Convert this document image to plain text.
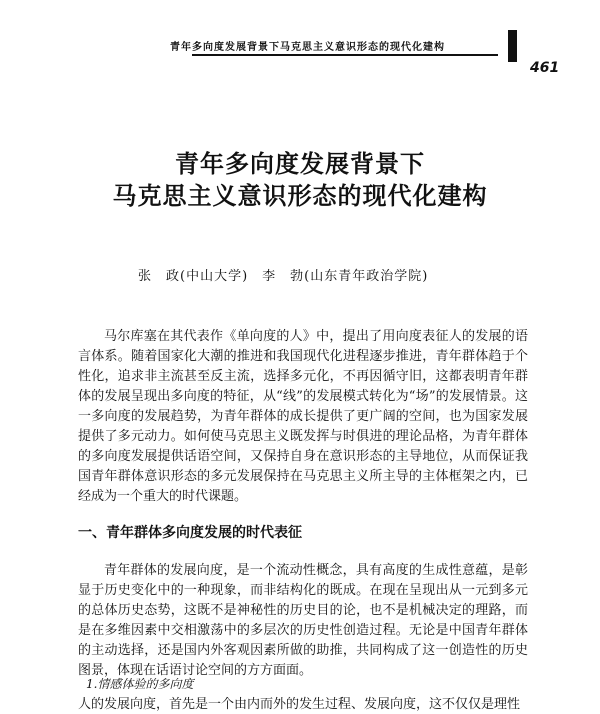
青年多向度发展背景下马克思主义意识形态的现代化建构
461
青年多向度发展背景下
马克思主义意识形态的现代化建构
张　政(中山大学)　李　勃(山东青年政治学院)

马尔库塞在其代表作《单向度的人》中，提出了用向度表征人的发展的语言体系。随着国家化大潮的推进和我国现代化进程逐步推进，青年群体趋于个性化，追求非主流甚至反主流，选择多元化，不再因循守旧，这都表明青年群体的发展呈现出多向度的特征，从“线”的发展模式转化为“场”的发展情景。这一多向度的发展趋势，为青年群体的成长提供了更广阔的空间，也为国家发展提供了多元动力。如何使马克思主义既发挥与时俱进的理论品格，为青年群体的多向度发展提供话语空间，又保持自身在意识形态的主导地位，从而保证我国青年群体意识形态的多元发展保持在马克思主义所主导的主体框架之内，已经成为一个重大的时代课题。

一、青年群体多向度发展的时代表征

青年群体的发展向度，是一个流动性概念，具有高度的生成性意蕴，是彰显于历史变化中的一种现象，而非结构化的既成。在现在呈现出从一元到多元的总体历史态势，这既不是神秘性的历史目的论，也不是机械决定的理路，而是在多维因素中交相激荡中的多层次的历史性创造过程。无论是中国青年群体的主动选择，还是国内外客观因素所做的助推，共同构成了这一创造性的历史图景，体现在话语讨论空间的方方面面。

1.情感体验的多向度
人的发展向度，首先是一个由内而外的发生过程、发展向度，这不仅仅是理性
